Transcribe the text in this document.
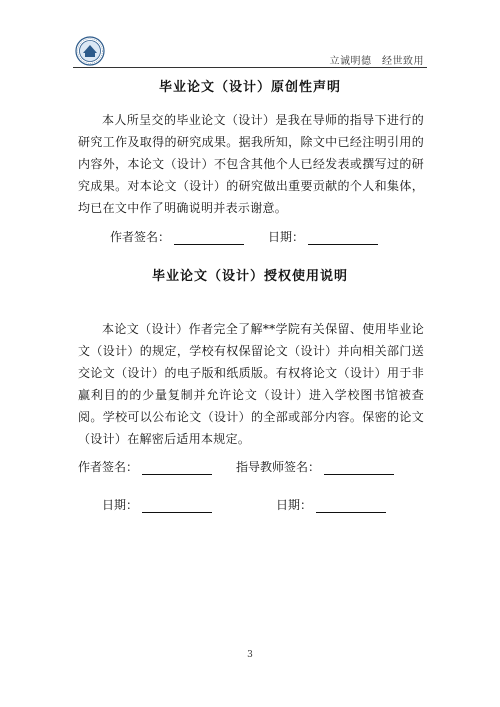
立诚明德　经世致用
毕业论文（设计）原创性声明
本人所呈交的毕业论文（设计）是我在导师的指导下进行的研究工作及取得的研究成果。据我所知，除文中已经注明引用的内容外，本论文（设计）不包含其他个人已经发表或撰写过的研究成果。对本论文（设计）的研究做出重要贡献的个人和集体，均已在文中作了明确说明并表示谢意。
作者签名：	日期：
毕业论文（设计）授权使用说明
本论文（设计）作者完全了解**学院有关保留、使用毕业论文（设计）的规定，学校有权保留论文（设计）并向相关部门送交论文（设计）的电子版和纸质版。有权将论文（设计）用于非赢利目的的少量复制并允许论文（设计）进入学校图书馆被查阅。学校可以公布论文（设计）的全部或部分内容。保密的论文（设计）在解密后适用本规定。
作者签名：	指导教师签名：
日期：	日期：
3
